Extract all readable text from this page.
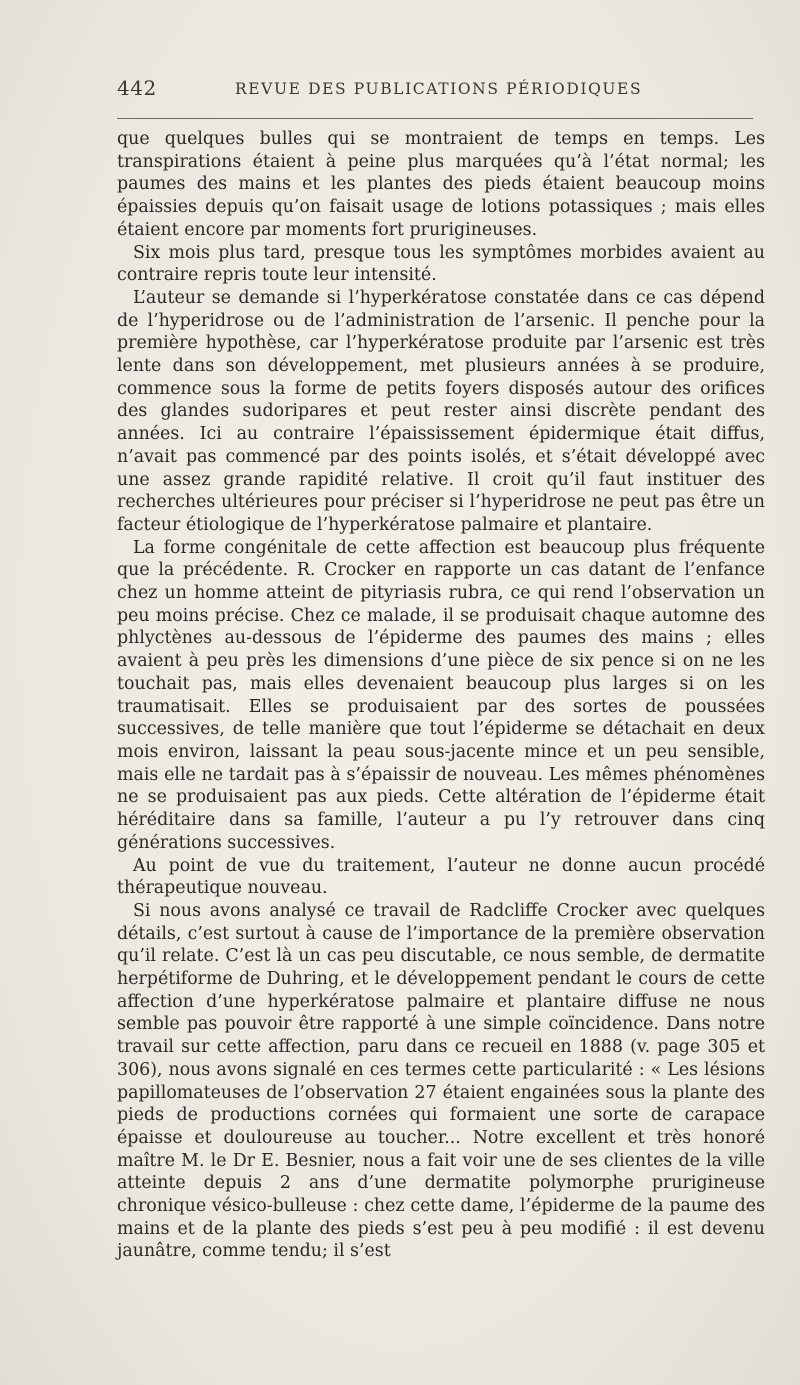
442	REVUE DES PUBLICATIONS PÉRIODIQUES

que quelques bulles qui se montraient de temps en temps. Les transpirations étaient à peine plus marquées qu’à l’état normal; les paumes des mains et les plantes des pieds étaient beaucoup moins épaissies depuis qu’on faisait usage de lotions potassiques ; mais elles étaient encore par moments fort prurigineuses.

Six mois plus tard, presque tous les symptômes morbides avaient au contraire repris toute leur intensité.

L’auteur se demande si l’hyperkératose constatée dans ce cas dépend de l’hyperidrose ou de l’administration de l’arsenic. Il penche pour la première hypothèse, car l’hyperkératose produite par l’arsenic est très lente dans son développement, met plusieurs années à se produire, commence sous la forme de petits foyers disposés autour des orifices des glandes sudoripares et peut rester ainsi discrète pendant des années. Ici au contraire l’épaississement épidermique était diffus, n’avait pas commencé par des points isolés, et s’était développé avec une assez grande rapidité relative. Il croit qu’il faut instituer des recherches ultérieures pour préciser si l’hyperidrose ne peut pas être un facteur étiologique de l’hyperkératose palmaire et plantaire.

La forme congénitale de cette affection est beaucoup plus fréquente que la précédente. R. Crocker en rapporte un cas datant de l’enfance chez un homme atteint de pityriasis rubra, ce qui rend l’observation un peu moins précise. Chez ce malade, il se produisait chaque automne des phlyctènes au-dessous de l’épiderme des paumes des mains ; elles avaient à peu près les dimensions d’une pièce de six pence si on ne les touchait pas, mais elles devenaient beaucoup plus larges si on les traumatisait. Elles se produisaient par des sortes de poussées successives, de telle manière que tout l’épiderme se détachait en deux mois environ, laissant la peau sous-jacente mince et un peu sensible, mais elle ne tardait pas à s’épaissir de nouveau. Les mêmes phénomènes ne se produisaient pas aux pieds. Cette altération de l’épiderme était héréditaire dans sa famille, l’auteur a pu l’y retrouver dans cinq générations successives.

Au point de vue du traitement, l’auteur ne donne aucun procédé thérapeutique nouveau.

Si nous avons analysé ce travail de Radcliffe Crocker avec quelques détails, c’est surtout à cause de l’importance de la première observation qu’il relate. C’est là un cas peu discutable, ce nous semble, de dermatite herpétiforme de Duhring, et le développement pendant le cours de cette affection d’une hyperkératose palmaire et plantaire diffuse ne nous semble pas pouvoir être rapporté à une simple coïncidence. Dans notre travail sur cette affection, paru dans ce recueil en 1888 (v. page 305 et 306), nous avons signalé en ces termes cette particularité : « Les lésions papillomateuses de l’observation 27 étaient engainées sous la plante des pieds de productions cornées qui formaient une sorte de carapace épaisse et douloureuse au toucher... Notre excellent et très honoré maître M. le Dr E. Besnier, nous a fait voir une de ses clientes de la ville atteinte depuis 2 ans d’une dermatite polymorphe prurigineuse chronique vésico-bulleuse : chez cette dame, l’épiderme de la paume des mains et de la plante des pieds s’est peu à peu modifié : il est devenu jaunâtre, comme tendu; il s’est
